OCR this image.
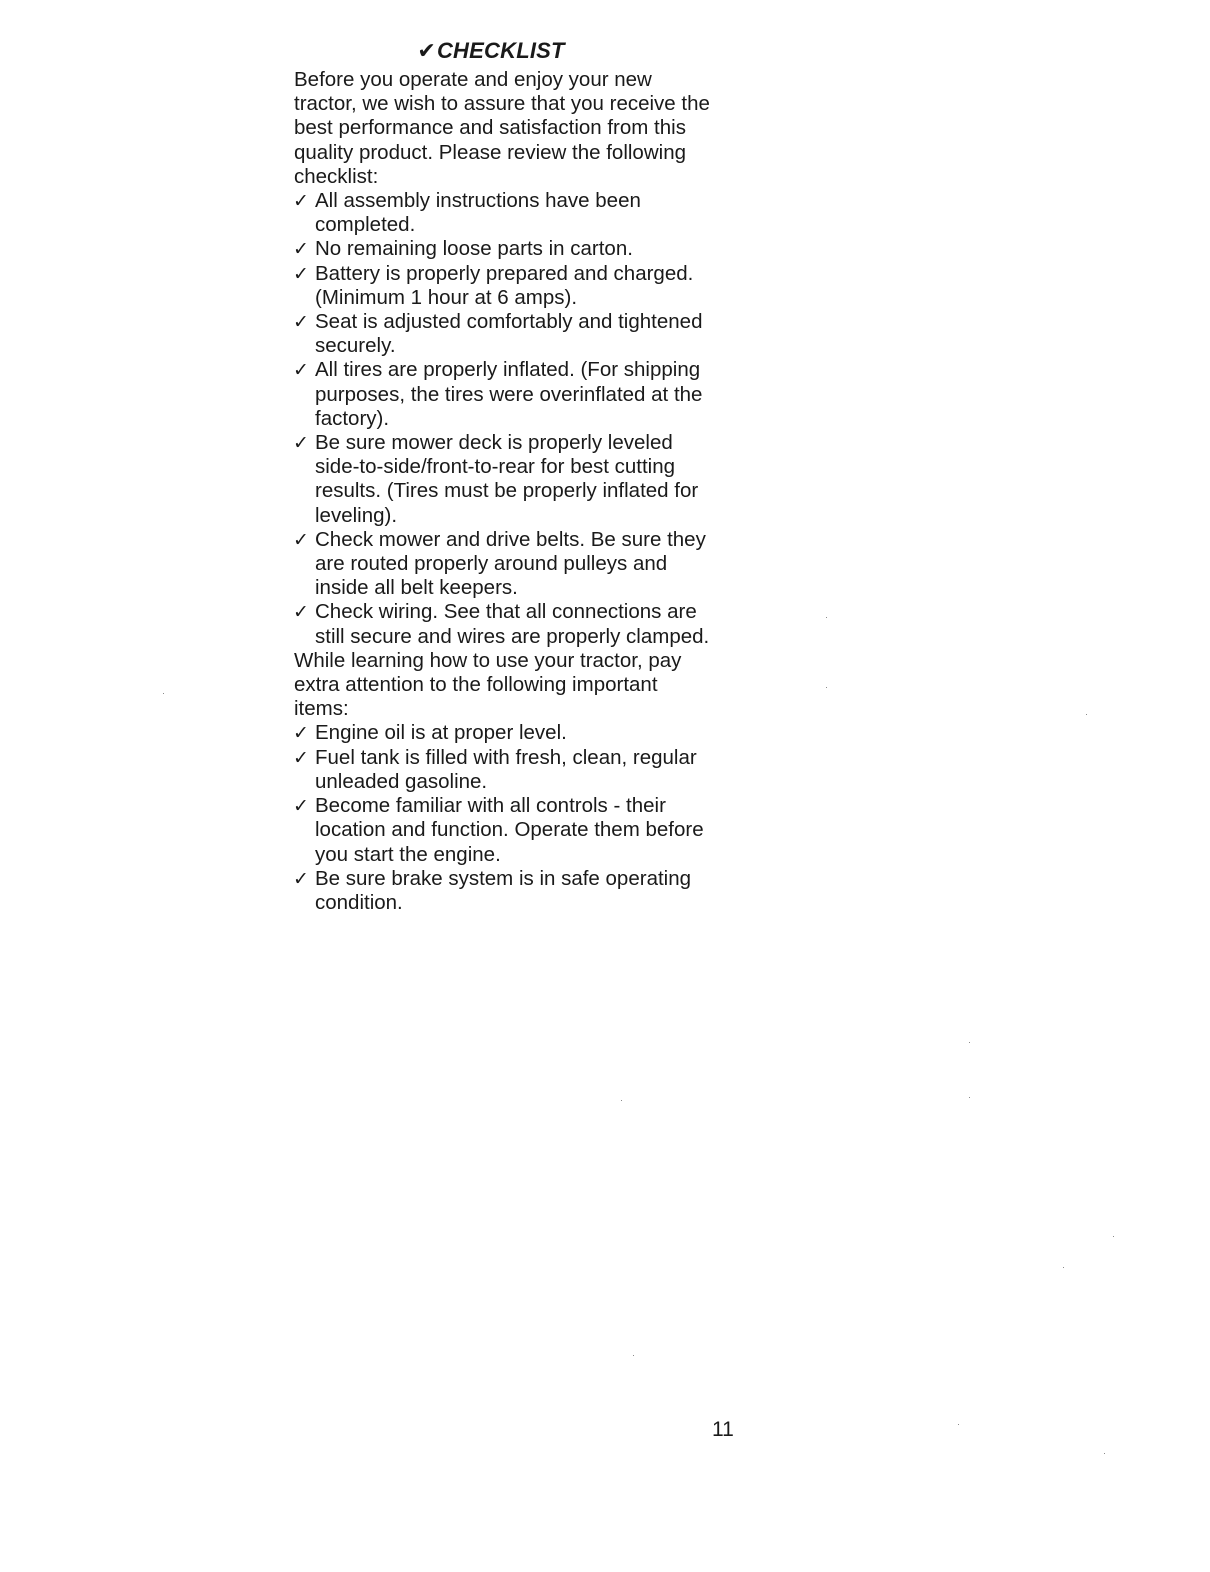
✔CHECKLIST

Before you operate and enjoy your new tractor, we wish to assure that you receive the best performance and satisfaction from this quality product. Please review the following checklist:

✓ All assembly instructions have been completed.
✓ No remaining loose parts in carton.
✓ Battery is properly prepared and charged. (Minimum 1 hour at 6 amps).
✓ Seat is adjusted comfortably and tightened securely.
✓ All tires are properly inflated. (For shipping purposes, the tires were overinflated at the factory).
✓ Be sure mower deck is properly leveled side-to-side/front-to-rear for best cutting results. (Tires must be properly inflated for leveling).
✓ Check mower and drive belts. Be sure they are routed properly around pulleys and inside all belt keepers.
✓ Check wiring. See that all connections are still secure and wires are properly clamped.

While learning how to use your tractor, pay extra attention to the following important items:

✓ Engine oil is at proper level.
✓ Fuel tank is filled with fresh, clean, regular unleaded gasoline.
✓ Become familiar with all controls - their location and function. Operate them before you start the engine.
✓ Be sure brake system is in safe operating condition.
11
